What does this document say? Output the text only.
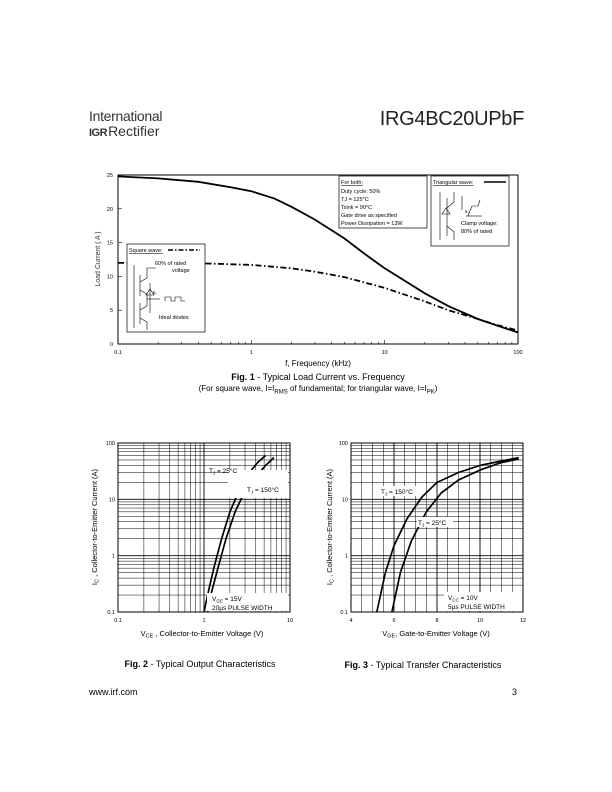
International
IGRRectifier
IRG4BC20UPbF
0
5
10
15
20
25
0.1	1	10	100
For both:
Duty cycle: 50%
TJ = 125°C
Tsink = 90°C
Gate drive as specified
Power Dissipation = 13W
Triangular wave:
IL
Clamp voltage:
80% of rated
Square wave:
60% of rated
voltage
IL
Ideal diodes
Load Current ( A )
f, Frequency (kHz)
Fig. 1 - Typical Load Current vs. Frequency
(For square wave, $I=I_{RMS}$ of fundamental; for triangular wave, $I=I_{PK}$)
0.1	1	10
0.1
1
10
100
$T_J = 25^\circ C$
$T_J = 150^\circ C$
$V_{GE} = 15V$
20µs PULSE WIDTH
$V_{CE}$ , Collector-to-Emitter Voltage (V)
$I_C$ , Collector-to-Emitter Current (A)
4	6	8	10	12
0.1
1
10
100
$T_J = 150^\circ C$
$T_J = 25^\circ C$
$V_{CC} = 10V$
5µs PULSE WIDTH
$V_{GE}$, Gate-to-Emitter Voltage (V)
$I_C$ , Collector-to-Emitter Current (A)
Fig. 2 - Typical Output Characteristics	Fig. 3 - Typical Transfer Characteristics
www.irf.com	3
